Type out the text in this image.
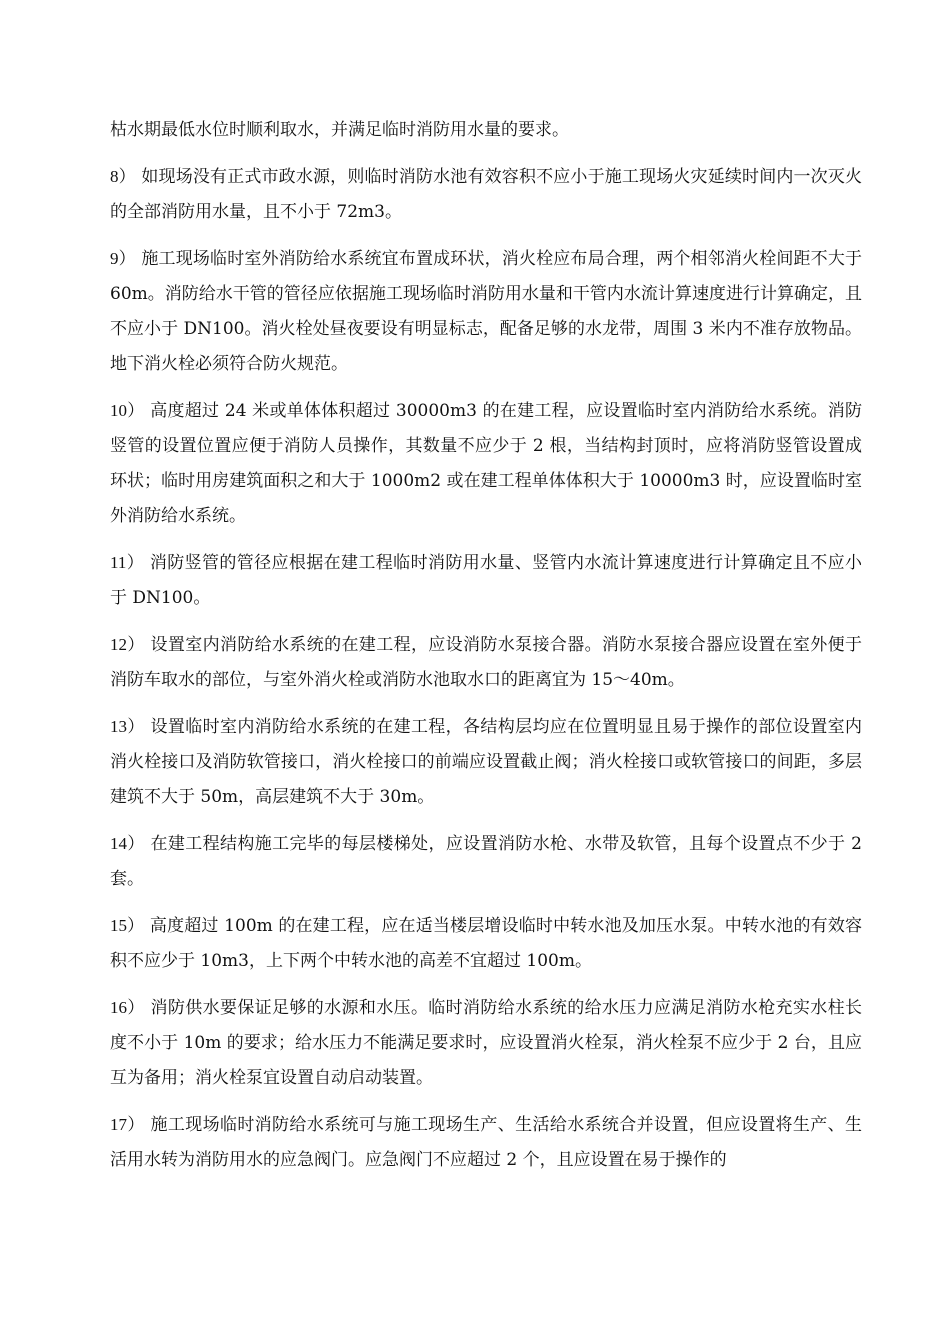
枯水期最低水位时顺利取水，并满足临时消防用水量的要求。

8） 如现场没有正式市政水源，则临时消防水池有效容积不应小于施工现场火灾延续时间内一次灭火的全部消防用水量，且不小于 72m3。

9） 施工现场临时室外消防给水系统宜布置成环状，消火栓应布局合理，两个相邻消火栓间距不大于 60m。消防给水干管的管径应依据施工现场临时消防用水量和干管内水流计算速度进行计算确定，且不应小于 DN100。消火栓处昼夜要设有明显标志，配备足够的水龙带，周围 3 米内不准存放物品。地下消火栓必须符合防火规范。

10） 高度超过 24 米或单体体积超过 30000m3 的在建工程，应设置临时室内消防给水系统。消防竖管的设置位置应便于消防人员操作，其数量不应少于 2 根，当结构封顶时，应将消防竖管设置成环状；临时用房建筑面积之和大于 1000m2 或在建工程单体体积大于 10000m3 时，应设置临时室外消防给水系统。

11） 消防竖管的管径应根据在建工程临时消防用水量、竖管内水流计算速度进行计算确定且不应小于 DN100。

12） 设置室内消防给水系统的在建工程，应设消防水泵接合器。消防水泵接合器应设置在室外便于消防车取水的部位，与室外消火栓或消防水池取水口的距离宜为 15～40m。

13） 设置临时室内消防给水系统的在建工程，各结构层均应在位置明显且易于操作的部位设置室内消火栓接口及消防软管接口，消火栓接口的前端应设置截止阀；消火栓接口或软管接口的间距，多层建筑不大于 50m，高层建筑不大于 30m。

14） 在建工程结构施工完毕的每层楼梯处，应设置消防水枪、水带及软管，且每个设置点不少于 2 套。

15） 高度超过 100m 的在建工程，应在适当楼层增设临时中转水池及加压水泵。中转水池的有效容积不应少于 10m3，上下两个中转水池的高差不宜超过 100m。

16） 消防供水要保证足够的水源和水压。临时消防给水系统的给水压力应满足消防水枪充实水柱长度不小于 10m 的要求；给水压力不能满足要求时，应设置消火栓泵，消火栓泵不应少于 2 台，且应互为备用；消火栓泵宜设置自动启动装置。

17） 施工现场临时消防给水系统可与施工现场生产、生活给水系统合并设置，但应设置将生产、生活用水转为消防用水的应急阀门。应急阀门不应超过 2 个，且应设置在易于操作的
